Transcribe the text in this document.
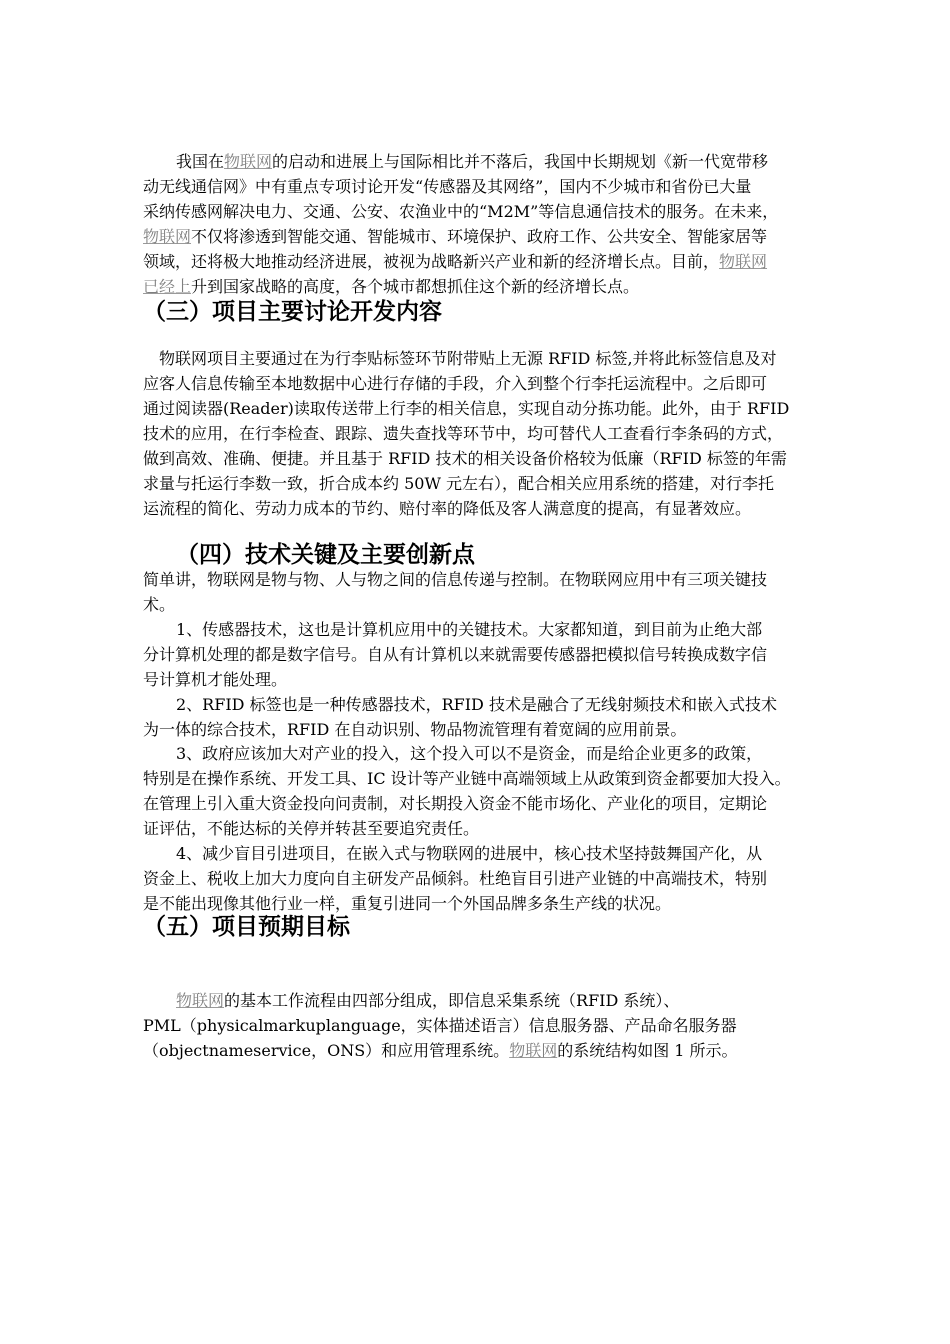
我国在物联网的启动和进展上与国际相比并不落后，我国中长期规划《新一代宽带移
动无线通信网》中有重点专项讨论开发“传感器及其网络”，国内不少城市和省份已大量
采纳传感网解决电力、交通、公安、农渔业中的“M2M”等信息通信技术的服务。在未来，
物联网不仅将渗透到智能交通、智能城市、环境保护、政府工作、公共安全、智能家居等
领域，还将极大地推动经济进展，被视为战略新兴产业和新的经济增长点。目前，物联网
已经上升到国家战略的高度，各个城市都想抓住这个新的经济增长点。
（三）项目主要讨论开发内容
物联网项目主要通过在为行李贴标签环节附带贴上无源 RFID 标签,并将此标签信息及对
应客人信息传输至本地数据中心进行存储的手段，介入到整个行李托运流程中。之后即可
通过阅读器(Reader)读取传送带上行李的相关信息，实现自动分拣功能。此外，由于 RFID
技术的应用，在行李检查、跟踪、遗失查找等环节中，均可替代人工查看行李条码的方式，
做到高效、准确、便捷。并且基于 RFID 技术的相关设备价格较为低廉（RFID 标签的年需
求量与托运行李数一致，折合成本约 50W 元左右），配合相关应用系统的搭建，对行李托
运流程的简化、劳动力成本的节约、赔付率的降低及客人满意度的提高，有显著效应。
（四）技术关键及主要创新点
简单讲，物联网是物与物、人与物之间的信息传递与控制。在物联网应用中有三项关键技
术。
1、传感器技术，这也是计算机应用中的关键技术。大家都知道，到目前为止绝大部
分计算机处理的都是数字信号。自从有计算机以来就需要传感器把模拟信号转换成数字信
号计算机才能处理。
2、RFID 标签也是一种传感器技术，RFID 技术是融合了无线射频技术和嵌入式技术
为一体的综合技术，RFID 在自动识别、物品物流管理有着宽阔的应用前景。
3、政府应该加大对产业的投入，这个投入可以不是资金，而是给企业更多的政策，
特别是在操作系统、开发工具、IC 设计等产业链中高端领域上从政策到资金都要加大投入。
在管理上引入重大资金投向问责制，对长期投入资金不能市场化、产业化的项目，定期论
证评估，不能达标的关停并转甚至要追究责任。
4、减少盲目引进项目，在嵌入式与物联网的进展中，核心技术坚持鼓舞国产化，从
资金上、税收上加大力度向自主研发产品倾斜。杜绝盲目引进产业链的中高端技术，特别
是不能出现像其他行业一样，重复引进同一个外国品牌多条生产线的状况。
（五）项目预期目标
物联网的基本工作流程由四部分组成，即信息采集系统（RFID 系统）、
PML（physicalmarkuplanguage，实体描述语言）信息服务器、产品命名服务器
（objectnameservice，ONS）和应用管理系统。物联网的系统结构如图 1 所示。
